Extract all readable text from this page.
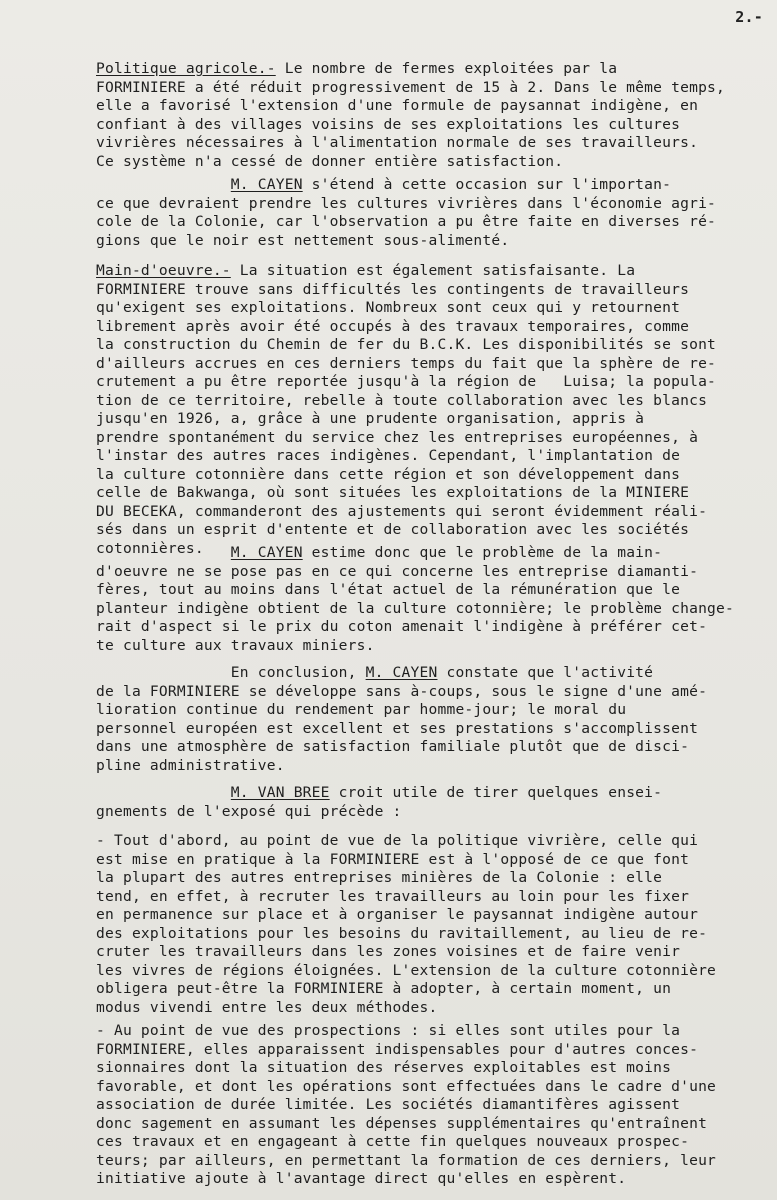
2.-

Politique agricole.- Le nombre de fermes exploitées par la
FORMINIERE a été réduit progressivement de 15 à 2. Dans le même temps,
elle a favorisé l'extension d'une formule de paysannat indigène, en
confiant à des villages voisins de ses exploitations les cultures
vivrières nécessaires à l'alimentation normale de ses travailleurs.
Ce système n'a cessé de donner entière satisfaction.

M. CAYEN s'étend à cette occasion sur l'importan-
ce que devraient prendre les cultures vivrières dans l'économie agri-
cole de la Colonie, car l'observation a pu être faite en diverses ré-
gions que le noir est nettement sous-alimenté.

Main-d'oeuvre.- La situation est également satisfaisante. La
FORMINIERE trouve sans difficultés les contingents de travailleurs
qu'exigent ses exploitations. Nombreux sont ceux qui y retournent
librement après avoir été occupés à des travaux temporaires, comme
la construction du Chemin de fer du B.C.K. Les disponibilités se sont
d'ailleurs accrues en ces derniers temps du fait que la sphère de re-
crutement a pu être reportée jusqu'à la région de   Luisa; la popula-
tion de ce territoire, rebelle à toute collaboration avec les blancs
jusqu'en 1926, a, grâce à une prudente organisation, appris à
prendre spontanément du service chez les entreprises européennes, à
l'instar des autres races indigènes. Cependant, l'implantation de
la culture cotonnière dans cette région et son développement dans
celle de Bakwanga, où sont situées les exploitations de la MINIERE
DU BECEKA, commanderont des ajustements qui seront évidemment réali-
sés dans un esprit d'entente et de collaboration avec les sociétés
cotonnières.	M. CAYEN estime donc que le problème de la main-
d'oeuvre ne se pose pas en ce qui concerne les entreprise diamanti-
fères, tout au moins dans l'état actuel de la rémunération que le
planteur indigène obtient de la culture cotonnière; le problème change-
rait d'aspect si le prix du coton amenait l'indigène à préférer cet-
te culture aux travaux miniers.

En conclusion, M. CAYEN constate que l'activité
de la FORMINIERE se développe sans à-coups, sous le signe d'une amé-
lioration continue du rendement par homme-jour; le moral du
personnel européen est excellent et ses prestations s'accomplissent
dans une atmosphère de satisfaction familiale plutôt que de disci-
pline administrative.

M. VAN BREE croit utile de tirer quelques ensei-
gnements de l'exposé qui précède :

- Tout d'abord, au point de vue de la politique vivrière, celle qui
est mise en pratique à la FORMINIERE est à l'opposé de ce que font
la plupart des autres entreprises minières de la Colonie : elle
tend, en effet, à recruter les travailleurs au loin pour les fixer
en permanence sur place et à organiser le paysannat indigène autour
des exploitations pour les besoins du ravitaillement, au lieu de re-
cruter les travailleurs dans les zones voisines et de faire venir
les vivres de régions éloignées. L'extension de la culture cotonnière
obligera peut-être la FORMINIERE à adopter, à certain moment, un
modus vivendi entre les deux méthodes.

- Au point de vue des prospections : si elles sont utiles pour la
FORMINIERE, elles apparaissent indispensables pour d'autres conces-
sionnaires dont la situation des réserves exploitables est moins
favorable, et dont les opérations sont effectuées dans le cadre d'une
association de durée limitée. Les sociétés diamantifères agissent
donc sagement en assumant les dépenses supplémentaires qu'entraînent
ces travaux et en engageant à cette fin quelques nouveaux prospec-
teurs; par ailleurs, en permettant la formation de ces derniers, leur
initiative ajoute à l'avantage direct qu'elles en espèrent.
